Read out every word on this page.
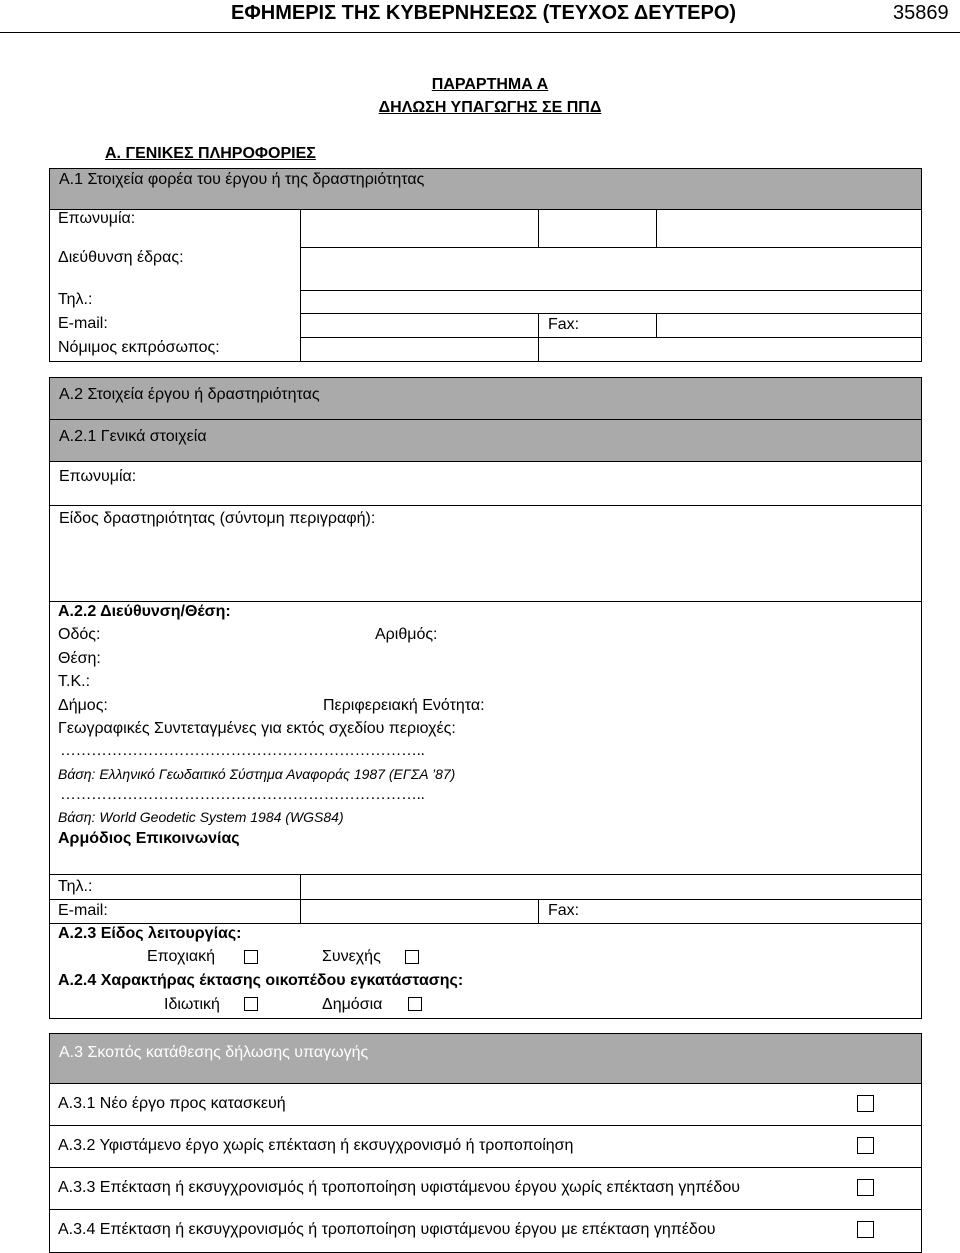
ΕΦΗΜΕΡΙΣ ΤΗΣ ΚΥΒΕΡΝΗΣΕΩΣ (ΤΕΥΧΟΣ ΔΕΥΤΕΡΟ)	35869
ΠΑΡΑΡΤΗΜΑ Α
ΔΗΛΩΣΗ ΥΠΑΓΩΓΗΣ ΣΕ ΠΠΔ
Α. ΓΕΝΙΚΕΣ ΠΛΗΡΟΦΟΡΙΕΣ
Α.1 Στοιχεία φορέα του έργου ή της δραστηριότητας
Επωνυμία:
Διεύθυνση έδρας:
Τηλ.:
E-mail:	Fax:
Νόμιμος εκπρόσωπος:
Α.2 Στοιχεία έργου ή δραστηριότητας
Α.2.1 Γενικά στοιχεία
Επωνυμία:
Είδος δραστηριότητας (σύντομη περιγραφή):
Α.2.2 Διεύθυνση/Θέση:
Οδός:	Αριθμός:
Θέση:
Τ.Κ.:
Δήμος:	Περιφερειακή Ενότητα:
Γεωγραφικές Συντεταγμένες για εκτός σχεδίου περιοχές:
……………………………………………………………..
Βάση: Ελληνικό Γεωδαιτικό Σύστημα Αναφοράς 1987 (ΕΓΣΑ ’87)
……………………………………………………………..
Βάση: World Geodetic System 1984 (WGS84)
Αρμόδιος Επικοινωνίας
Τηλ.:
E-mail:	Fax:
Α.2.3 Είδος λειτουργίας:
Εποχιακή	Συνεχής
Α.2.4 Χαρακτήρας έκτασης οικοπέδου εγκατάστασης:
Ιδιωτική	Δημόσια
Α.3 Σκοπός κατάθεσης δήλωσης υπαγωγής
Α.3.1 Νέο έργο προς κατασκευή
Α.3.2 Υφιστάμενο έργο χωρίς επέκταση ή εκσυγχρονισμό ή τροποποίηση
Α.3.3 Επέκταση ή εκσυγχρονισμός ή τροποποίηση υφιστάμενου έργου χωρίς επέκταση γηπέδου
Α.3.4 Επέκταση ή εκσυγχρονισμός ή τροποποίηση υφιστάμενου έργου με επέκταση γηπέδου
